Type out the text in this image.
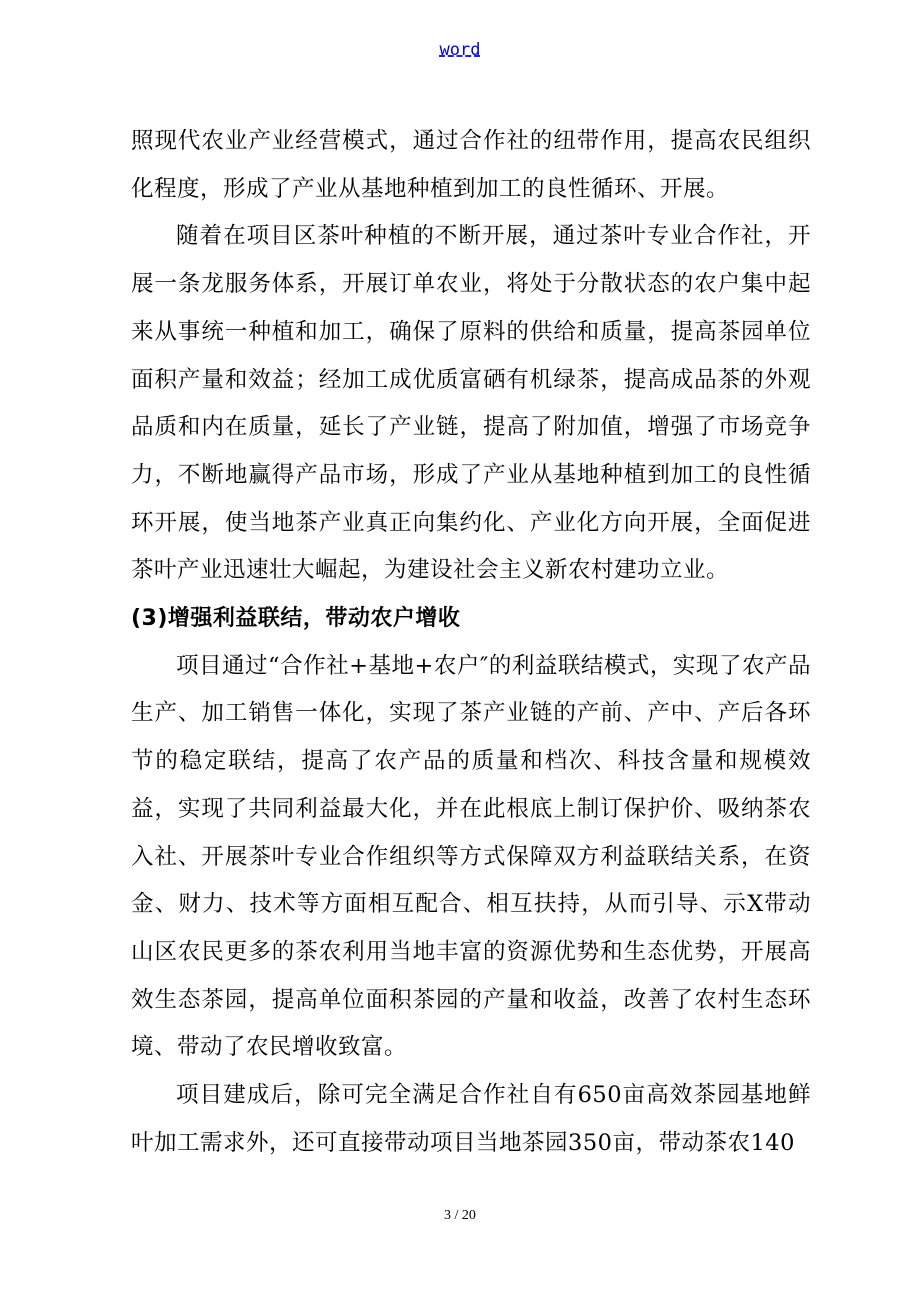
word

照现代农业产业经营模式，通过合作社的纽带作用，提高农民组织化程度，形成了产业从基地种植到加工的良性循环、开展。

随着在项目区茶叶种植的不断开展，通过茶叶专业合作社，开展一条龙服务体系，开展订单农业，将处于分散状态的农户集中起来从事统一种植和加工，确保了原料的供给和质量，提高茶园单位面积产量和效益；经加工成优质富硒有机绿茶，提高成品茶的外观品质和内在质量，延长了产业链，提高了附加值，增强了市场竞争力，不断地赢得产品市场，形成了产业从基地种植到加工的良性循环开展，使当地茶产业真正向集约化、产业化方向开展，全面促进茶叶产业迅速壮大崛起，为建设社会主义新农村建功立业。

(3)增强利益联结，带动农户增收

项目通过“合作社+基地+农户″的利益联结模式，实现了农产品生产、加工销售一体化，实现了茶产业链的产前、产中、产后各环节的稳定联结，提高了农产品的质量和档次、科技含量和规模效益，实现了共同利益最大化，并在此根底上制订保护价、吸纳茶农入社、开展茶叶专业合作组织等方式保障双方利益联结关系，在资金、财力、技术等方面相互配合、相互扶持，从而引导、示X带动山区农民更多的茶农利用当地丰富的资源优势和生态优势，开展高效生态茶园，提高单位面积茶园的产量和收益，改善了农村生态环境、带动了农民增收致富。

项目建成后，除可完全满足合作社自有650亩高效茶园基地鲜叶加工需求外，还可直接带动项目当地茶园350亩，带动茶农140

3 / 20
